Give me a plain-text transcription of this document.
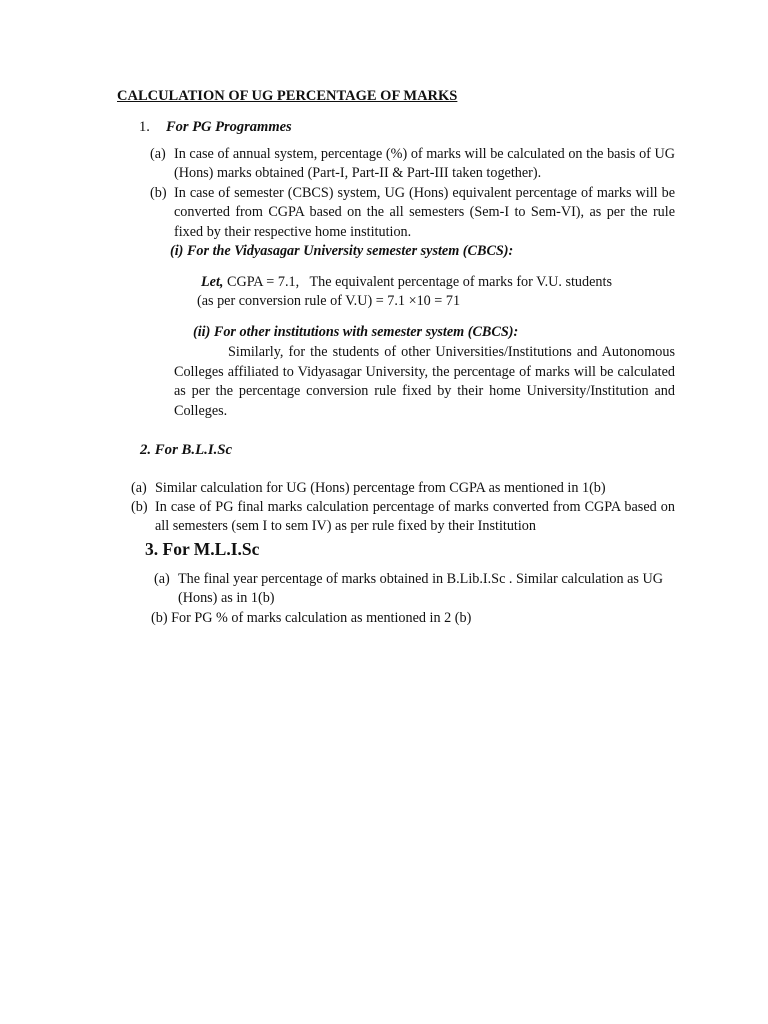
CALCULATION OF UG PERCENTAGE OF MARKS
1. For PG Programmes
(a) In case of annual system, percentage (%) of marks will be calculated on the basis of UG (Hons) marks obtained (Part-I, Part-II & Part-III taken together).
(b) In case of semester (CBCS) system, UG (Hons) equivalent percentage of marks will be converted from CGPA based on the all semesters (Sem-I to Sem-VI), as per the rule fixed by their respective home institution.
(i) For the Vidyasagar University semester system (CBCS):
Let, CGPA = 7.1,   The equivalent percentage of marks for V.U. students
(as per conversion rule of V.U) = 7.1 ×10 = 71
(ii) For other institutions with semester system (CBCS):
Similarly, for the students of other Universities/Institutions and Autonomous Colleges affiliated to Vidyasagar University, the percentage of marks will be calculated as per the percentage conversion rule fixed by their home University/Institution and Colleges.
2. For B.L.I.Sc
(a) Similar calculation for UG (Hons) percentage from CGPA as mentioned in 1(b)
(b) In case of PG final marks calculation percentage of marks converted from CGPA based on all semesters (sem I to sem IV) as per rule fixed by their Institution
3. For M.L.I.Sc
(a) The final year percentage of marks obtained in B.Lib.I.Sc . Similar calculation as UG (Hons) as in 1(b)
(b) For PG % of marks calculation as mentioned in 2 (b)
